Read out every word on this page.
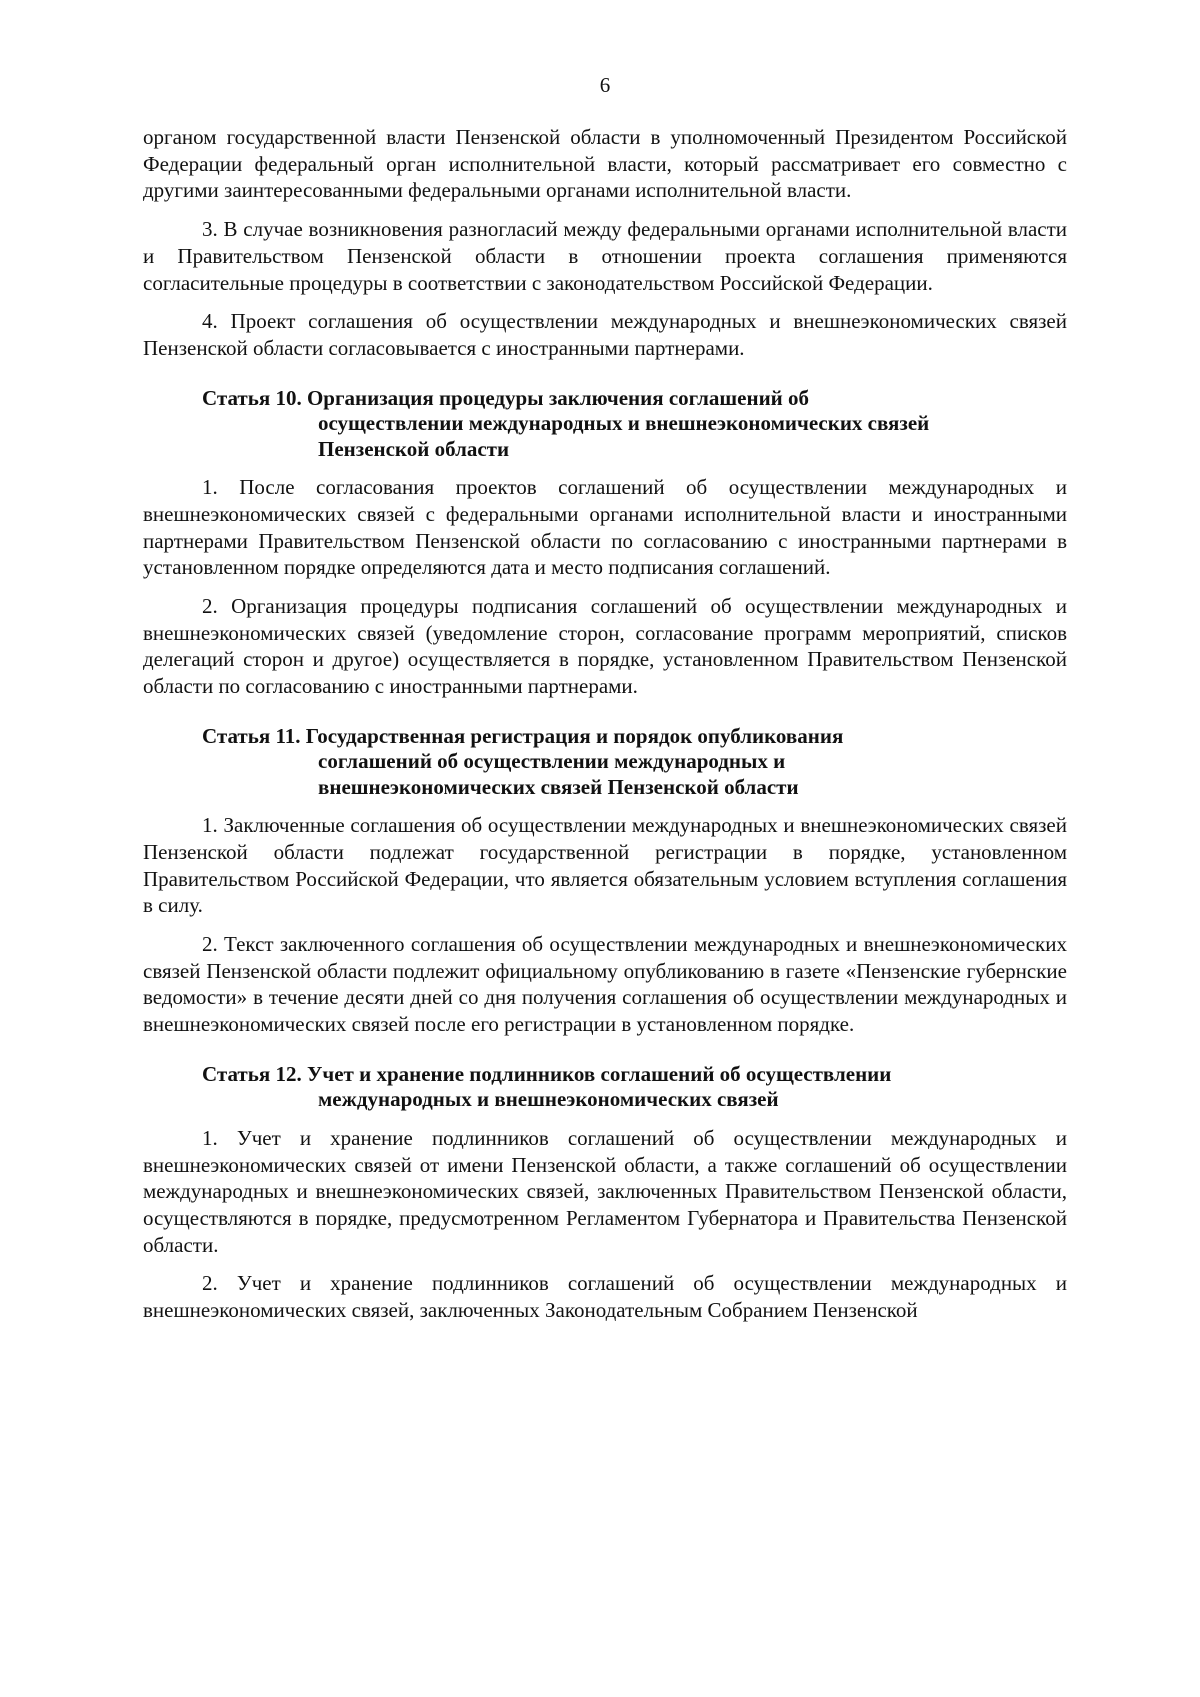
6

органом государственной власти Пензенской области в уполномоченный Президентом Российской Федерации федеральный орган исполнительной власти, который рассматривает его совместно с другими заинтересованными федеральными органами исполнительной власти.

3. В случае возникновения разногласий между федеральными органами исполнительной власти и Правительством Пензенской области в отношении проекта соглашения применяются согласительные процедуры в соответствии с законодательством Российской Федерации.

4. Проект соглашения об осуществлении международных и внешнеэкономических связей Пензенской области согласовывается с иностранными партнерами.

Статья 10. Организация процедуры заключения соглашений об
осуществлении международных и внешнеэкономических связей
Пензенской области

1. После согласования проектов соглашений об осуществлении международных и внешнеэкономических связей с федеральными органами исполнительной власти и иностранными партнерами Правительством Пензенской области по согласованию с иностранными партнерами в установленном порядке определяются дата и место подписания соглашений.

2. Организация процедуры подписания соглашений об осуществлении международных и внешнеэкономических связей (уведомление сторон, согласование программ мероприятий, списков делегаций сторон и другое) осуществляется в порядке, установленном Правительством Пензенской области по согласованию с иностранными партнерами.

Статья 11. Государственная регистрация и порядок опубликования
соглашений об осуществлении международных и
внешнеэкономических связей Пензенской области

1. Заключенные соглашения об осуществлении международных и внешнеэкономических связей Пензенской области подлежат государственной регистрации в порядке, установленном Правительством Российской Федерации, что является обязательным условием вступления соглашения в силу.

2. Текст заключенного соглашения об осуществлении международных и внешнеэкономических связей Пензенской области подлежит официальному опубликованию в газете «Пензенские губернские ведомости» в течение десяти дней со дня получения соглашения об осуществлении международных и внешнеэкономических связей после его регистрации в установленном порядке.

Статья 12. Учет и хранение подлинников соглашений об осуществлении
международных и внешнеэкономических связей

1. Учет и хранение подлинников соглашений об осуществлении международных и внешнеэкономических связей от имени Пензенской области, а также соглашений об осуществлении международных и внешнеэкономических связей, заключенных Правительством Пензенской области, осуществляются в порядке, предусмотренном Регламентом Губернатора и Правительства Пензенской области.

2. Учет и хранение подлинников соглашений об осуществлении международных и внешнеэкономических связей, заключенных Законодательным Собранием Пензенской
